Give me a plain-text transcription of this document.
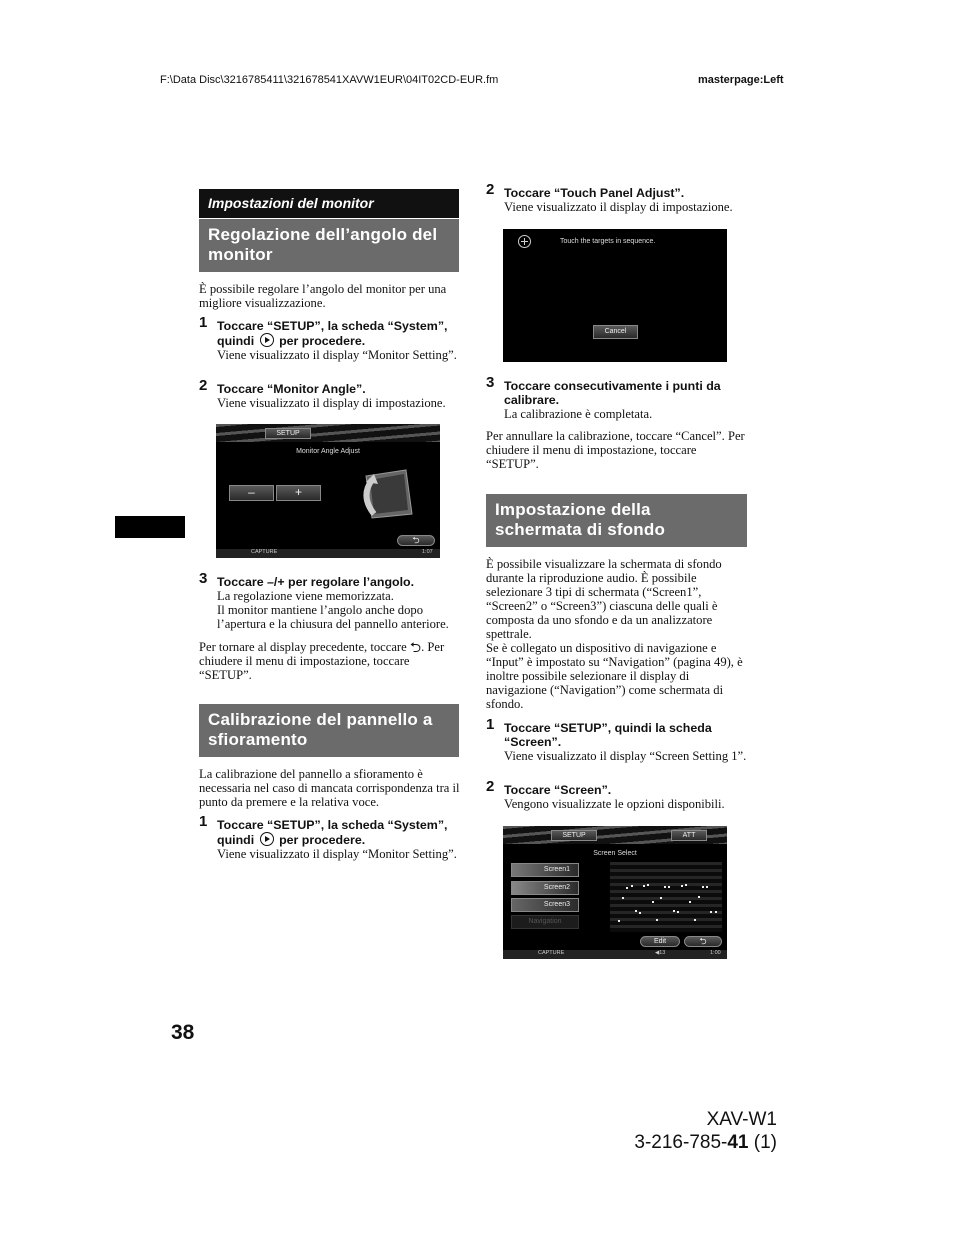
F:\Data Disc\3216785411\321678541XAVW1EUR\04IT02CD-EUR.fm	masterpage:Left
Impostazioni del monitor
Regolazione dell’angolo del monitor
È possibile regolare l’angolo del monitor per una migliore visualizzazione.
1 Toccare “SETUP”, la scheda “System”, quindi per procedere.
Viene visualizzato il display “Monitor Setting”.
2 Toccare “Monitor Angle”.
Viene visualizzato il display di impostazione.
SETUP
Monitor Angle Adjust
–	+
⮌
CAPTURE	1:07
3 Toccare –/+ per regolare l’angolo.
La regolazione viene memorizzata.
Il monitor mantiene l’angolo anche dopo l’apertura e la chiusura del pannello anteriore.
Per tornare al display precedente, toccare ⮌. Per chiudere il menu di impostazione, toccare “SETUP”.
Calibrazione del pannello a sfioramento
La calibrazione del pannello a sfioramento è necessaria nel caso di mancata corrispondenza tra il punto da premere e la relativa voce.
1 Toccare “SETUP”, la scheda “System”, quindi per procedere.
Viene visualizzato il display “Monitor Setting”.
2 Toccare “Touch Panel Adjust”.
Viene visualizzato il display di impostazione.
Touch the targets in sequence.
Cancel
3 Toccare consecutivamente i punti da calibrare.
La calibrazione è completata.
Per annullare la calibrazione, toccare “Cancel”. Per chiudere il menu di impostazione, toccare “SETUP”.
Impostazione della schermata di sfondo
È possibile visualizzare la schermata di sfondo durante la riproduzione audio. È possibile selezionare 3 tipi di schermata (“Screen1”, “Screen2” o “Screen3”) ciascuna delle quali è composta da uno sfondo e da un analizzatore spettrale.
Se è collegato un dispositivo di navigazione e “Input” è impostato su “Navigation” (pagina 49), è inoltre possibile selezionare il display di navigazione (“Navigation”) come schermata di sfondo.
1 Toccare “SETUP”, quindi la scheda “Screen”.
Viene visualizzato il display “Screen Setting 1”.
2 Toccare “Screen”.
Vengono visualizzate le opzioni disponibili.
SETUP	ATT
Screen Select
Screen1
Screen2
Screen3
Navigation
Edit	⮌
CAPTURE	◀13	1:00
38
XAV-W1
3-216-785-41 (1)
